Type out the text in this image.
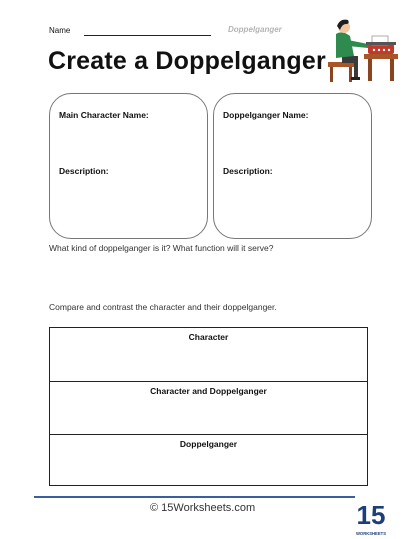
Name	Doppelganger
Create a Doppelganger
Main Character Name:
Description:
Doppelganger Name:
Description:
What kind of doppelganger is it? What function will it serve?
Compare and contrast the character and their doppelganger.
Character
Character and Doppelganger
Doppelganger
© 15Worksheets.com	15
WORKSHEETS
